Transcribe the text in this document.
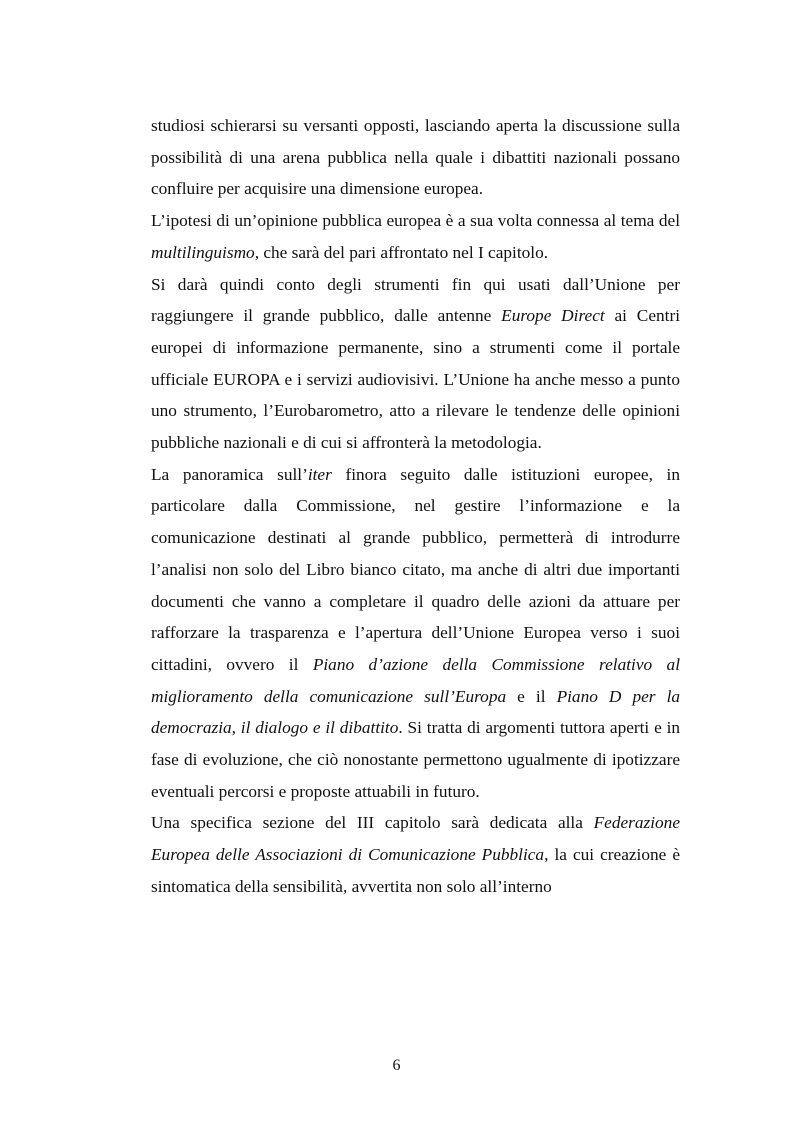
studiosi schierarsi su versanti opposti, lasciando aperta la discussione sulla possibilità di una arena pubblica nella quale i dibattiti nazionali possano confluire per acquisire una dimensione europea.

L’ipotesi di un’opinione pubblica europea è a sua volta connessa al tema del multilinguismo, che sarà del pari affrontato nel I capitolo.

Si darà quindi conto degli strumenti fin qui usati dall’Unione per raggiungere il grande pubblico, dalle antenne Europe Direct ai Centri europei di informazione permanente, sino a strumenti come il portale ufficiale EUROPA e i servizi audiovisivi. L’Unione ha anche messo a punto uno strumento, l’Eurobarometro, atto a rilevare le tendenze delle opinioni pubbliche nazionali e di cui si affronterà la metodologia.

La panoramica sull’iter finora seguito dalle istituzioni europee, in particolare dalla Commissione, nel gestire l’informazione e la comunicazione destinati al grande pubblico, permetterà di introdurre l’analisi non solo del Libro bianco citato, ma anche di altri due importanti documenti che vanno a completare il quadro delle azioni da attuare per rafforzare la trasparenza e l’apertura dell’Unione Europea verso i suoi cittadini, ovvero il Piano d’azione della Commissione relativo al miglioramento della comunicazione sull’Europa e il Piano D per la democrazia, il dialogo e il dibattito. Si tratta di argomenti tuttora aperti e in fase di evoluzione, che ciò nonostante permettono ugualmente di ipotizzare eventuali percorsi e proposte attuabili in futuro.

Una specifica sezione del III capitolo sarà dedicata alla Federazione Europea delle Associazioni di Comunicazione Pubblica, la cui creazione è sintomatica della sensibilità, avvertita non solo all’interno

6
